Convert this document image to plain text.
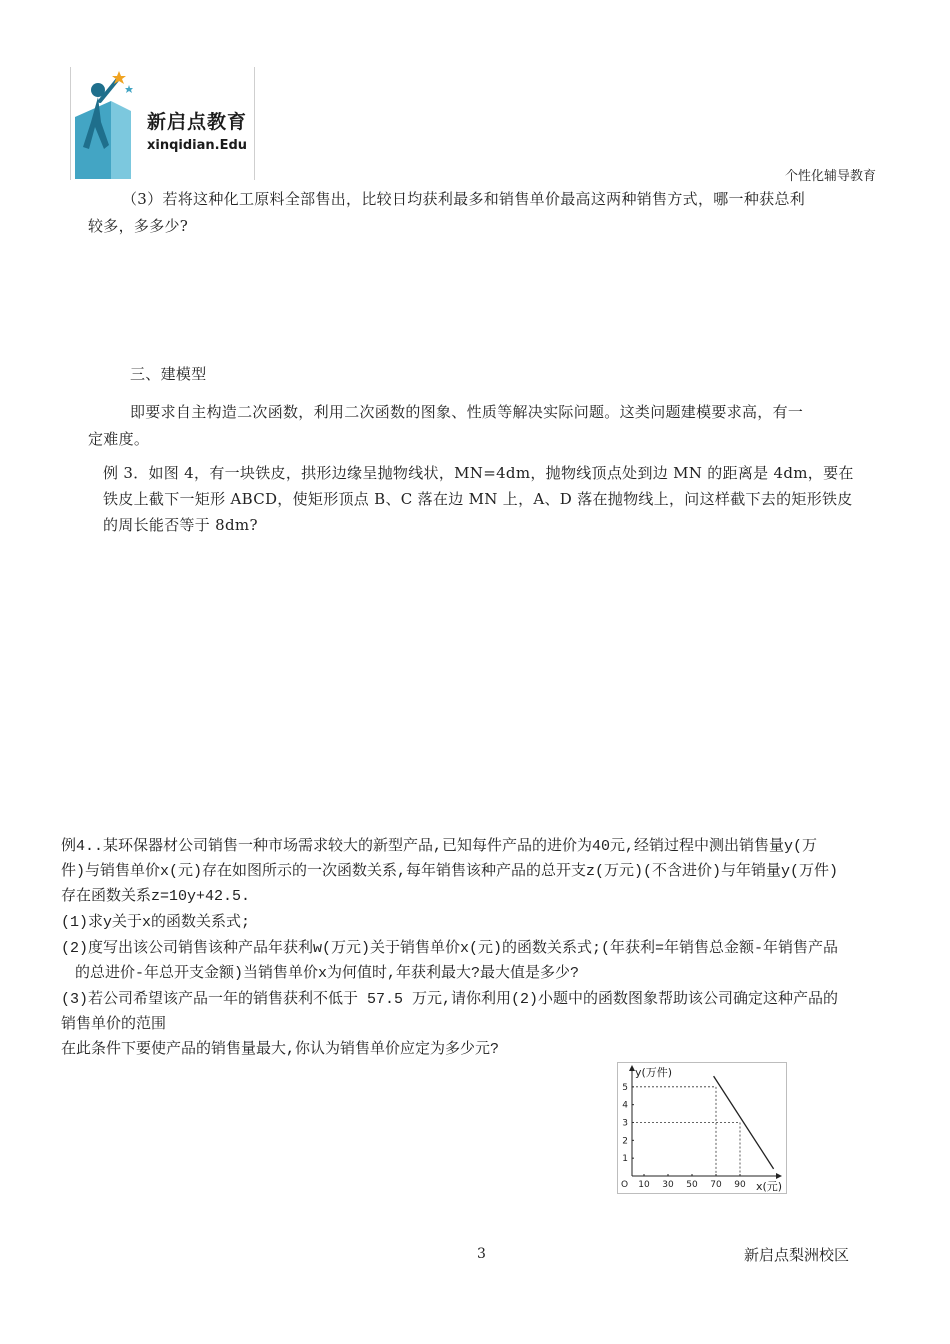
新启点教育
xinqidian.Edu
个性化辅导教育
（3）若将这种化工原料全部售出，比较日均获利最多和销售单价最高这两种销售方式，哪一种获总利
较多，多多少?
三、建模型
即要求自主构造二次函数，利用二次函数的图象、性质等解决实际问题。这类问题建模要求高，有一
定难度。
例 3．如图 4，有一块铁皮，拱形边缘呈抛物线状，MN=4dm，抛物线顶点处到边 MN 的距离是 4dm，要在
铁皮上截下一矩形 ABCD，使矩形顶点 B、C 落在边 MN 上，A、D 落在抛物线上，问这样截下去的矩形铁皮
的周长能否等于 8dm?
例4..某环保器材公司销售一种市场需求较大的新型产品,已知每件产品的进价为40元,经销过程中测出销售量y(万
件)与销售单价x(元)存在如图所示的一次函数关系,每年销售该种产品的总开支z(万元)(不含进价)与年销量y(万件)
存在函数关系z=10y+42.5.
(1)求y关于x的函数关系式;
(2)度写出该公司销售该种产品年获利w(万元)关于销售单价x(元)的函数关系式;(年获利=年销售总金额-年销售产品
的总进价-年总开支金额)当销售单价x为何值时,年获利最大?最大值是多少?
(3)若公司希望该产品一年的销售获利不低于 57.5 万元,请你利用(2)小题中的函数图象帮助该公司确定这种产品的
销售单价的范围
在此条件下要使产品的销售量最大,你认为销售单价应定为多少元?
y(万件)
x(元)
O 10 30 50 70 90
1
2
3
4
5
3	新启点梨洲校区
